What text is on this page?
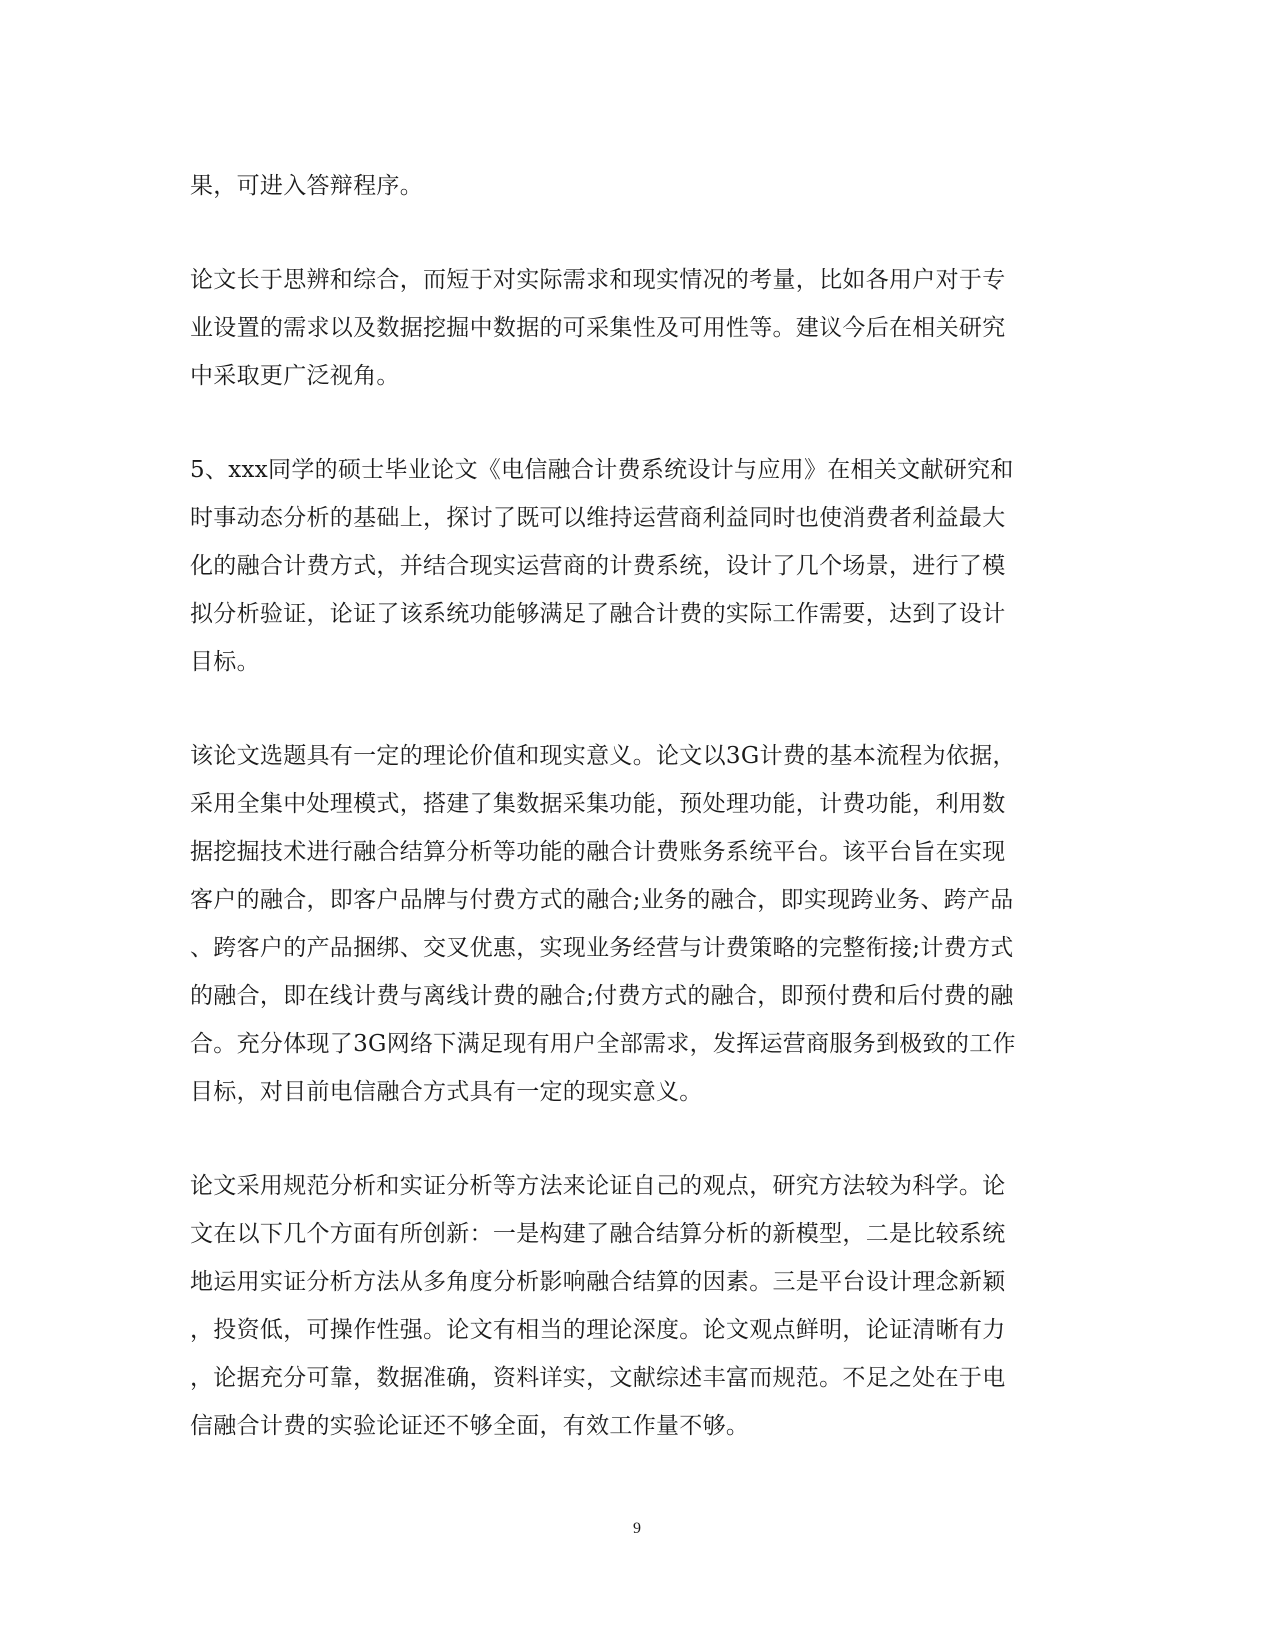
果，可进入答辩程序。
论文长于思辨和综合，而短于对实际需求和现实情况的考量，比如各用户对于专
业设置的需求以及数据挖掘中数据的可采集性及可用性等。建议今后在相关研究
中采取更广泛视角。
5、xxx同学的硕士毕业论文《电信融合计费系统设计与应用》在相关文献研究和
时事动态分析的基础上，探讨了既可以维持运营商利益同时也使消费者利益最大
化的融合计费方式，并结合现实运营商的计费系统，设计了几个场景，进行了模
拟分析验证，论证了该系统功能够满足了融合计费的实际工作需要，达到了设计
目标。
该论文选题具有一定的理论价值和现实意义。论文以3G计费的基本流程为依据，
采用全集中处理模式，搭建了集数据采集功能，预处理功能，计费功能，利用数
据挖掘技术进行融合结算分析等功能的融合计费账务系统平台。该平台旨在实现
客户的融合，即客户品牌与付费方式的融合;业务的融合，即实现跨业务、跨产品
、跨客户的产品捆绑、交叉优惠，实现业务经营与计费策略的完整衔接;计费方式
的融合，即在线计费与离线计费的融合;付费方式的融合，即预付费和后付费的融
合。充分体现了3G网络下满足现有用户全部需求，发挥运营商服务到极致的工作
目标，对目前电信融合方式具有一定的现实意义。
论文采用规范分析和实证分析等方法来论证自己的观点，研究方法较为科学。论
文在以下几个方面有所创新：一是构建了融合结算分析的新模型，二是比较系统
地运用实证分析方法从多角度分析影响融合结算的因素。三是平台设计理念新颖
，投资低，可操作性强。论文有相当的理论深度。论文观点鲜明，论证清晰有力
，论据充分可靠，数据准确，资料详实，文献综述丰富而规范。不足之处在于电
信融合计费的实验论证还不够全面，有效工作量不够。
9
